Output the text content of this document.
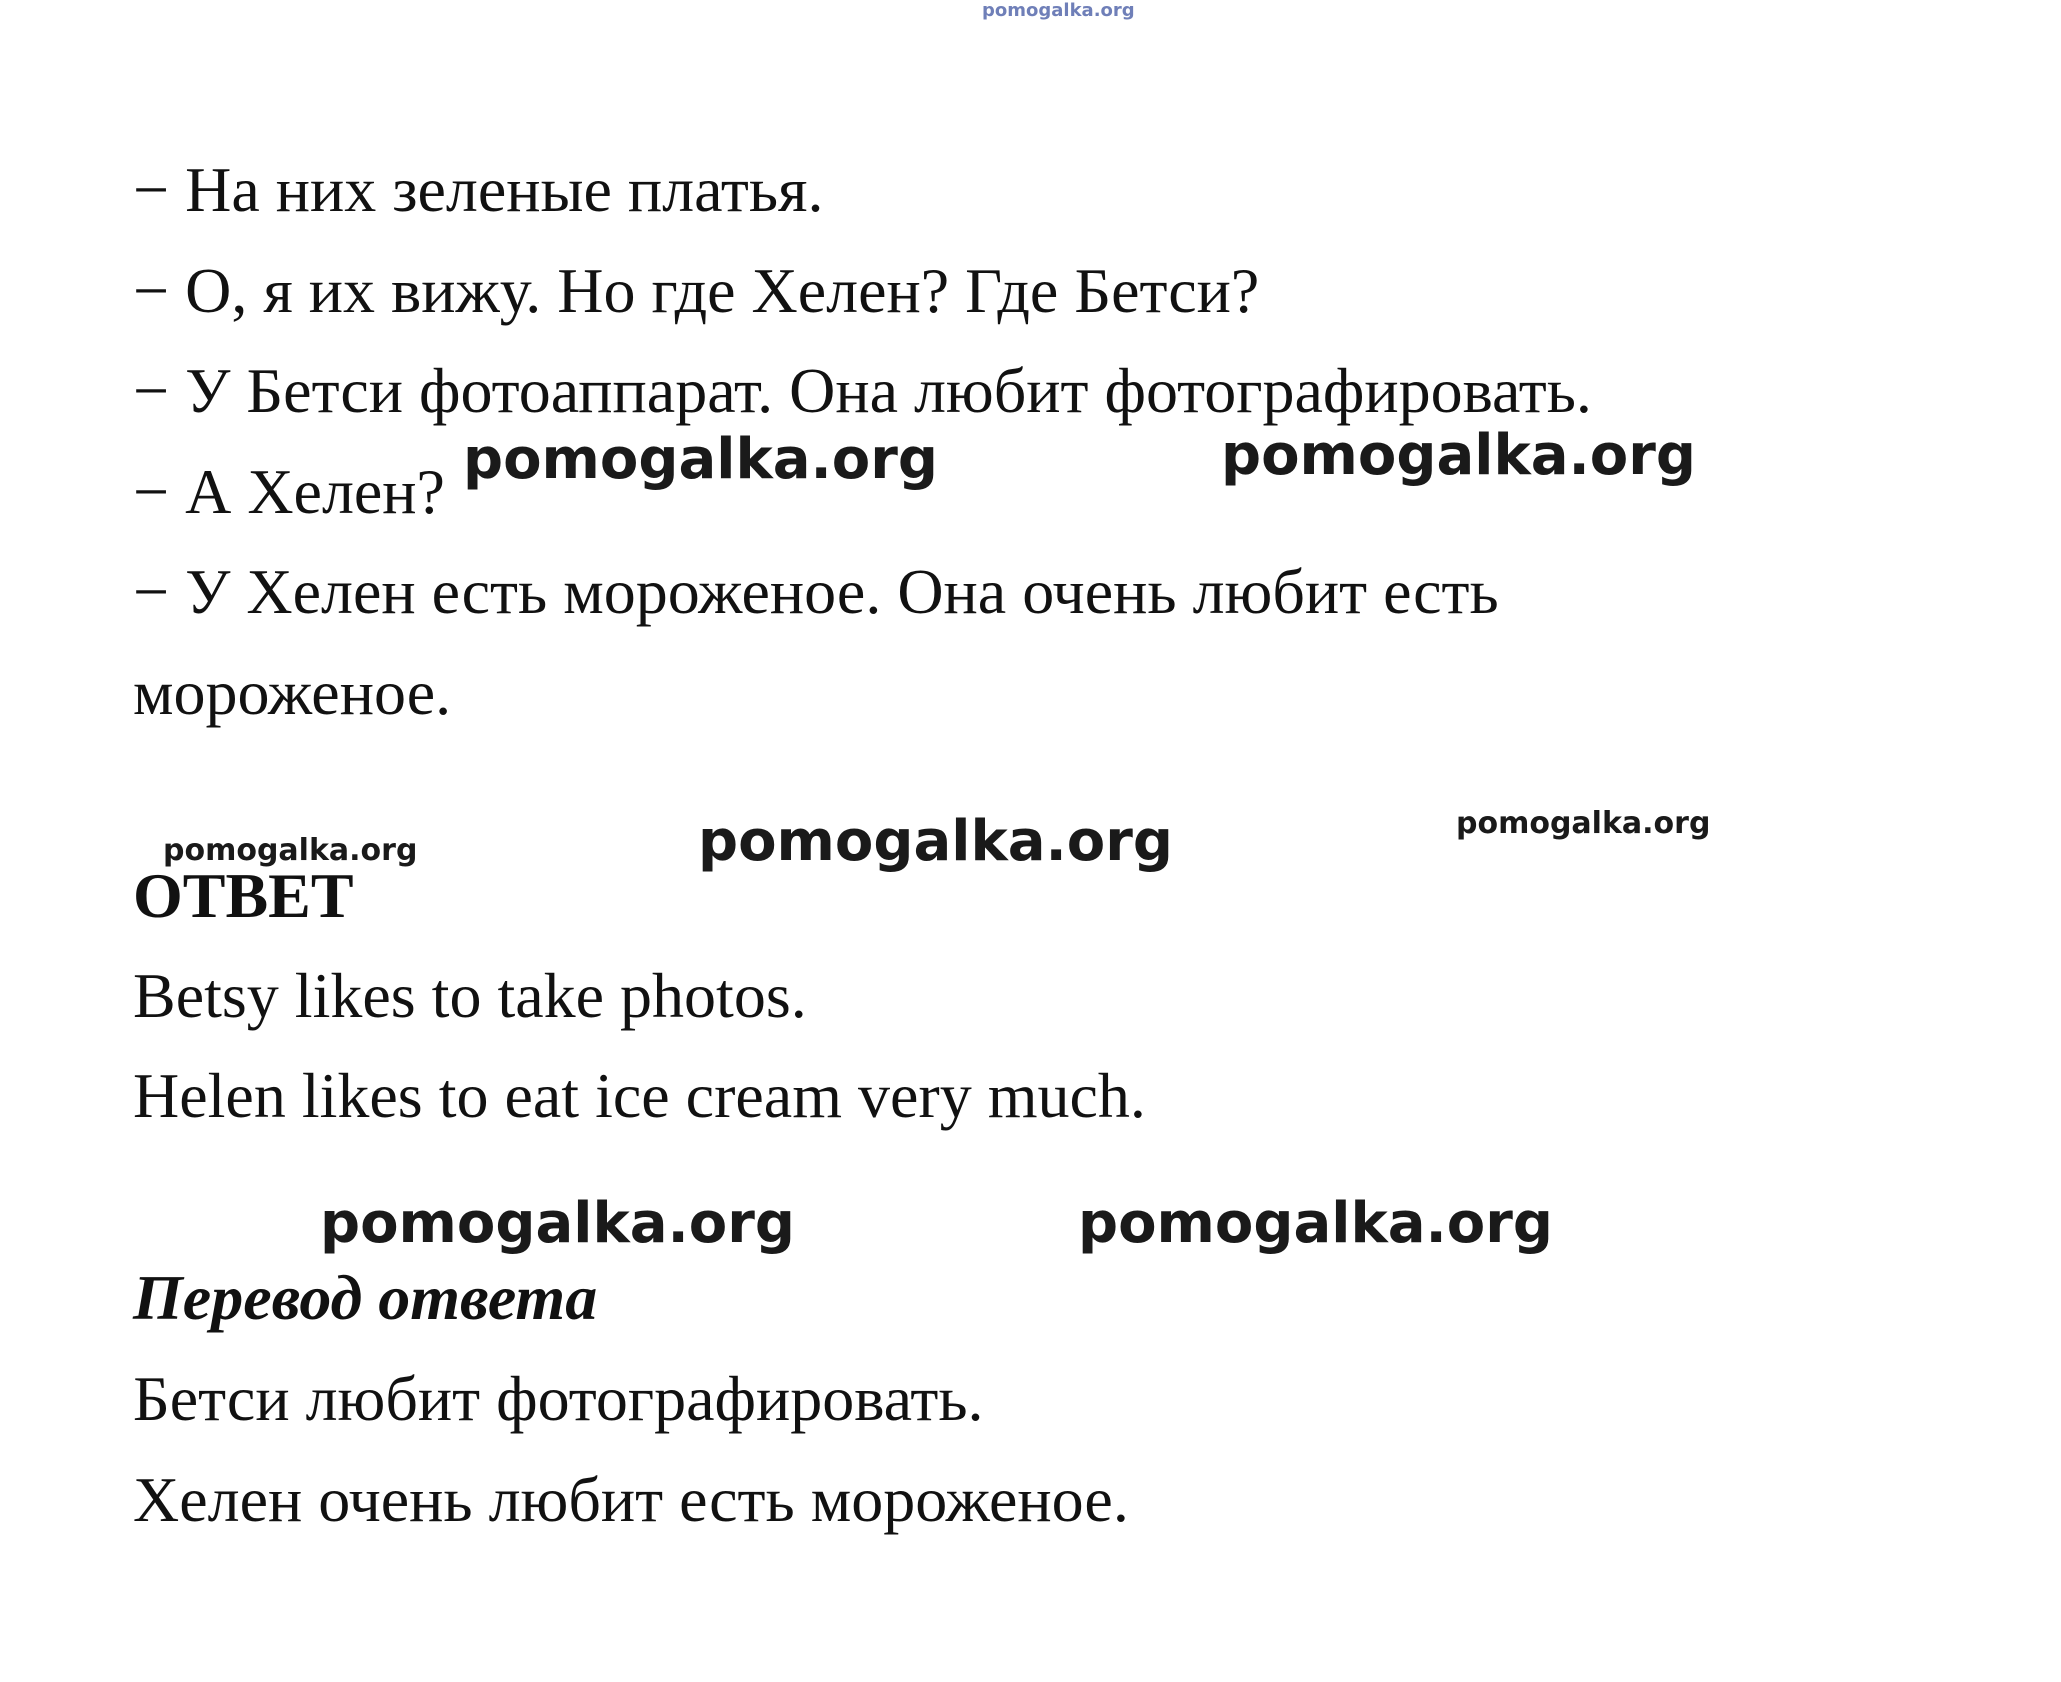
pomogalka.org

− На них зеленые платья.

− О, я их вижу. Но где Хелен? Где Бетси?

− У Бетси фотоаппарат. Она любит фотографировать.

− А Хелен?

− У Хелен есть мороженое. Она очень любит есть

мороженое.

ОТВЕТ

Betsy likes to take photos.

Helen likes to eat ice cream very much.

Перевод ответа

Бетси любит фотографировать.

Хелен очень любит есть мороженое.

pomogalka.org	pomogalka.org
pomogalka.org	pomogalka.org	pomogalka.org
pomogalka.org	pomogalka.org
